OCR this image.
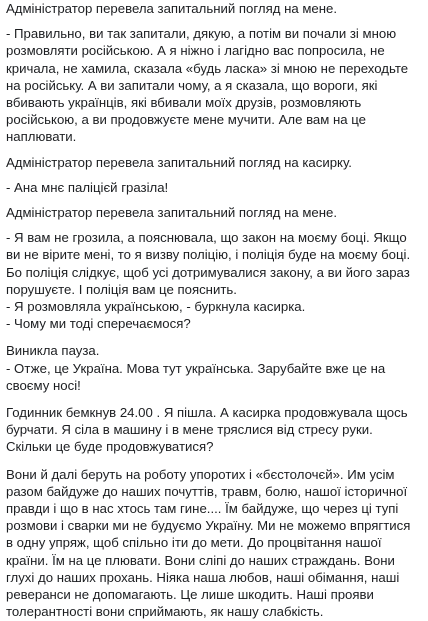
Адміністратор перевела запитальний погляд на мене.

- Правильно, ви так запитали, дякую, а потім ви почали зі мною розмовляти російською. А я ніжно і лагідно вас попросила, не кричала, не хамила, сказала «будь ласка» зі мною не переходьте на російську. А ви запитали чому, а я сказала, що вороги, які вбивають українців, які вбивали моїх друзів, розмовляють російською, а ви продовжуєте мене мучити. Але вам на це наплювати.

Адміністратор перевела запитальний погляд на касирку.

- Ана мнє паліцієй гразіла!

Адміністратор перевела запитальний погляд на мене.

- Я вам не грозила, а пояснювала, що закон на моєму боці. Якщо ви не вірите мені, то я визву поліцію, і поліція буде на моєму боці. Бо поліція слідкує, щоб усі дотримувалися закону, а ви його зараз порушуєте. І поліція вам це пояснить.

- Я розмовляла українською, - буркнула касирка.

- Чому ми тоді сперечаємося?

Виникла пауза.

- Отже, це Україна. Мова тут українська. Зарубайте вже це на своєму носі!

Годинник бемкнув 24.00 . Я пішла. А касирка продовжувала щось бурчати. Я сіла в машину і в мене тряслися від стресу руки. Скільки це буде продовжуватися?

Вони й далі беруть на роботу упоротих і «бєстолочєй». Им усім разом байдуже до наших почуттів, травм, болю, нашої історичної правди і що в нас хтось там гине.... Їм байдуже, що через ці тупі розмови і сварки ми не будуємо Україну. Ми не можемо впрягтися в одну упряж, щоб спільно іти до мети. До процвітання нашої країни. Їм на це плювати. Вони сліпі до наших страждань. Вони глухі до наших прохань. Ніяка наша любов, наші обімання, наші реверанси не допомагають. Це лише шкодить. Наші прояви толерантності вони сприймають, як нашу слабкість.
